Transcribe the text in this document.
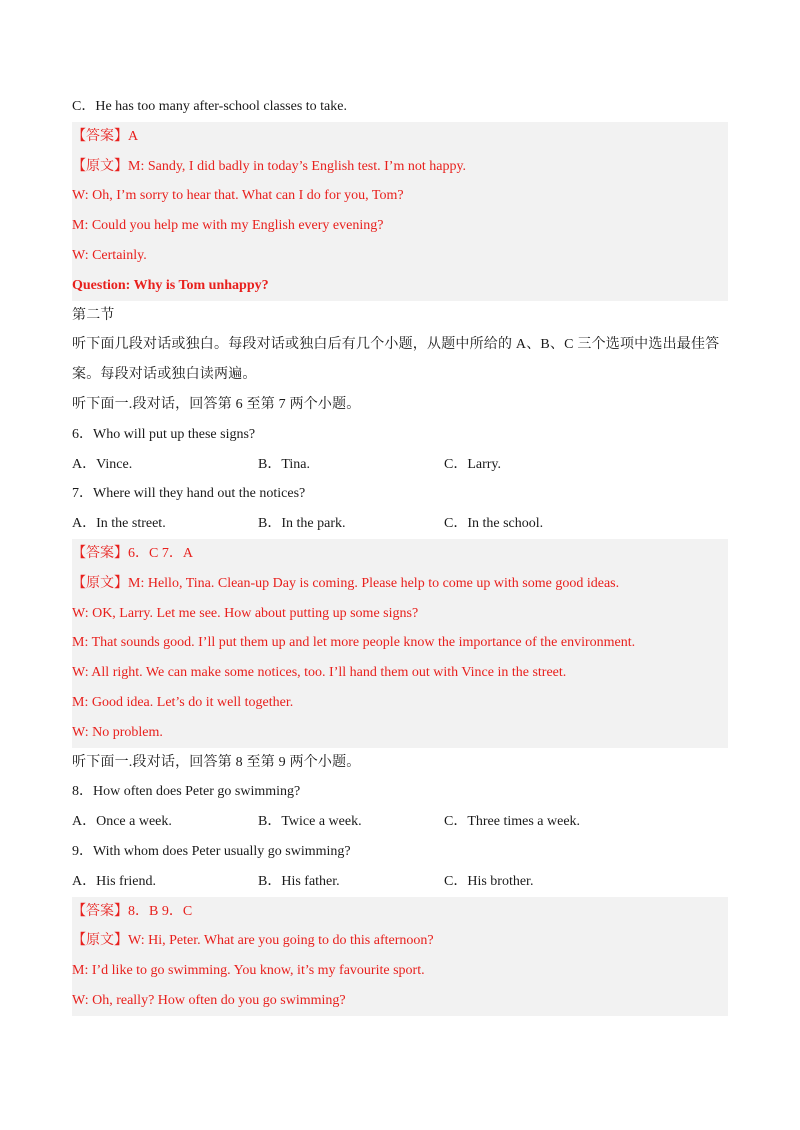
C．He has too many after-school classes to take.
【答案】A
【原文】M: Sandy, I did badly in today’s English test. I’m not happy.
W: Oh, I’m sorry to hear that. What can I do for you, Tom?
M: Could you help me with my English every evening?
W: Certainly.
Question: Why is Tom unhappy?
第二节
听下面几段对话或独白。每段对话或独白后有几个小题，从题中所给的 A、B、C 三个选项中选出最佳答
案。每段对话或独白读两遍。
听下面一.段对话，回答第 6 至第 7 两个小题。
6．Who will put up these signs?
A．Vince.	B．Tina.	C．Larry.
7．Where will they hand out the notices?
A．In the street.	B．In the park.	C．In the school.
【答案】6．C 7．A
【原文】M: Hello, Tina. Clean-up Day is coming. Please help to come up with some good ideas.
W: OK, Larry. Let me see. How about putting up some signs?
M: That sounds good. I’ll put them up and let more people know the importance of the environment.
W: All right. We can make some notices, too. I’ll hand them out with Vince in the street.
M: Good idea. Let’s do it well together.
W: No problem.
听下面一.段对话，回答第 8 至第 9 两个小题。
8．How often does Peter go swimming?
A．Once a week.	B．Twice a week.	C．Three times a week.
9．With whom does Peter usually go swimming?
A．His friend.	B．His father.	C．His brother.
【答案】8．B 9．C
【原文】W: Hi, Peter. What are you going to do this afternoon?
M: I’d like to go swimming. You know, it’s my favourite sport.
W: Oh, really? How often do you go swimming?
